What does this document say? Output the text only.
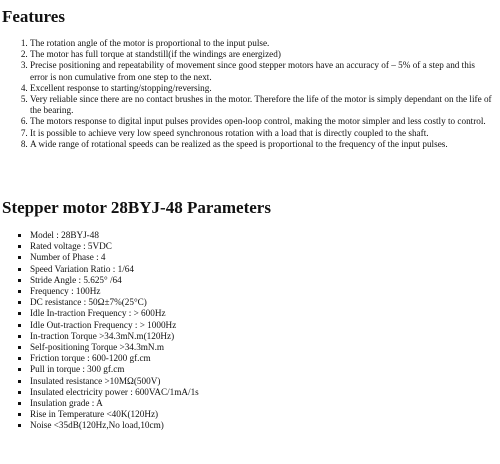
Features
1. The rotation angle of the motor is proportional to the input pulse.
2. The motor has full torque at standstill(if the windings are energized)
3. Precise positioning and repeatability of movement since good stepper motors have an accuracy of – 5% of a step and this error is non cumulative from one step to the next.
4. Excellent response to starting/stopping/reversing.
5. Very reliable since there are no contact brushes in the motor. Therefore the life of the motor is simply dependant on the life of the bearing.
6. The motors response to digital input pulses provides open-loop control, making the motor simpler and less costly to control.
7. It is possible to achieve very low speed synchronous rotation with a load that is directly coupled to the shaft.
8. A wide range of rotational speeds can be realized as the speed is proportional to the frequency of the input pulses.
Stepper motor 28BYJ-48 Parameters
▪ Model : 28BYJ-48
▪ Rated voltage : 5VDC
▪ Number of Phase : 4
▪ Speed Variation Ratio : 1/64
▪ Stride Angle : 5.625° /64
▪ Frequency : 100Hz
▪ DC resistance : 50Ω±7%(25°C)
▪ Idle In-traction Frequency : > 600Hz
▪ Idle Out-traction Frequency : > 1000Hz
▪ In-traction Torque >34.3mN.m(120Hz)
▪ Self-positioning Torque >34.3mN.m
▪ Friction torque : 600-1200 gf.cm
▪ Pull in torque : 300 gf.cm
▪ Insulated resistance >10MΩ(500V)
▪ Insulated electricity power : 600VAC/1mA/1s
▪ Insulation grade : A
▪ Rise in Temperature <40K(120Hz)
▪ Noise <35dB(120Hz,No load,10cm)
